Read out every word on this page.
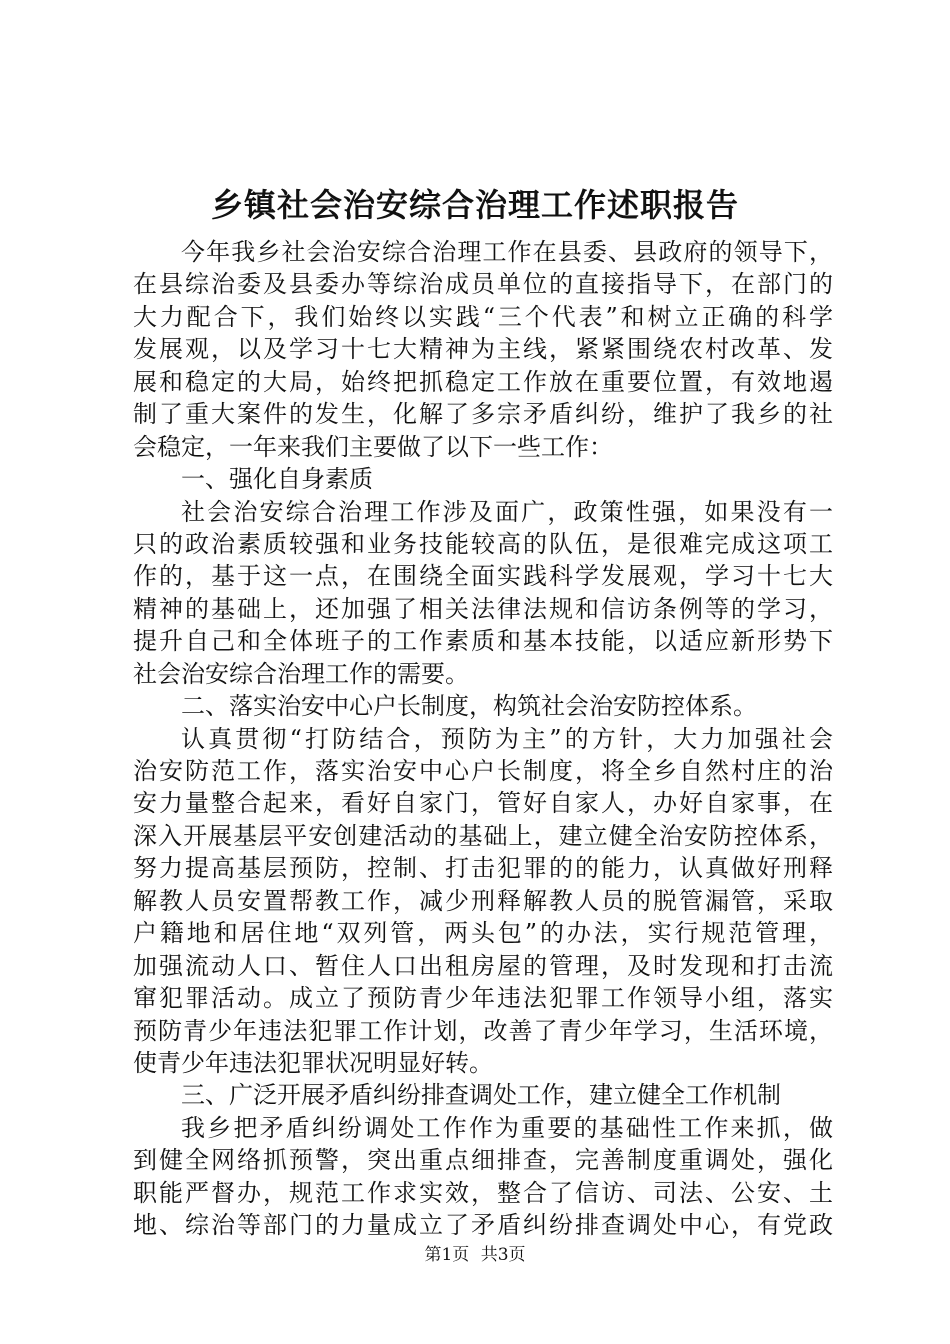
乡镇社会治安综合治理工作述职报告
今年我乡社会治安综合治理工作在县委、县政府的领导下，
在县综治委及县委办等综治成员单位的直接指导下，在部门的
大力配合下，我们始终以实践“三个代表”和树立正确的科学
发展观，以及学习十七大精神为主线，紧紧围绕农村改革、发
展和稳定的大局，始终把抓稳定工作放在重要位置，有效地遏
制了重大案件的发生，化解了多宗矛盾纠纷，维护了我乡的社
会稳定，一年来我们主要做了以下一些工作：
一、强化自身素质
社会治安综合治理工作涉及面广，政策性强，如果没有一
只的政治素质较强和业务技能较高的队伍，是很难完成这项工
作的，基于这一点，在围绕全面实践科学发展观，学习十七大
精神的基础上，还加强了相关法律法规和信访条例等的学习，
提升自己和全体班子的工作素质和基本技能，以适应新形势下
社会治安综合治理工作的需要。
二、落实治安中心户长制度，构筑社会治安防控体系。
认真贯彻“打防结合，预防为主”的方针，大力加强社会
治安防范工作，落实治安中心户长制度，将全乡自然村庄的治
安力量整合起来，看好自家门，管好自家人，办好自家事，在
深入开展基层平安创建活动的基础上，建立健全治安防控体系，
努力提高基层预防，控制、打击犯罪的的能力，认真做好刑释
解教人员安置帮教工作，减少刑释解教人员的脱管漏管，采取
户籍地和居住地“双列管，两头包”的办法，实行规范管理，
加强流动人口、暂住人口出租房屋的管理，及时发现和打击流
窜犯罪活动。成立了预防青少年违法犯罪工作领导小组，落实
预防青少年违法犯罪工作计划，改善了青少年学习，生活环境，
使青少年违法犯罪状况明显好转。
三、广泛开展矛盾纠纷排查调处工作，建立健全工作机制
我乡把矛盾纠纷调处工作作为重要的基础性工作来抓，做
到健全网络抓预警，突出重点细排查，完善制度重调处，强化
职能严督办，规范工作求实效，整合了信访、司法、公安、土
地、综治等部门的力量成立了矛盾纠纷排查调处中心，有党政
第1页 共3页
